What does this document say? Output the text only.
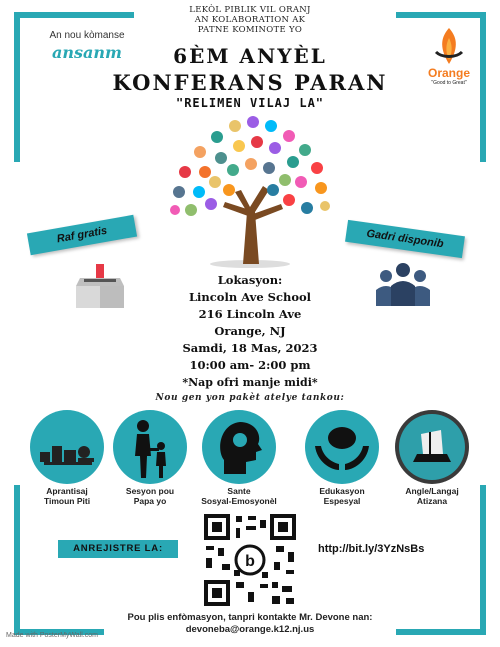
An nou kòmanse
ansanm
LEKÒL PIBLIK VIL ORANJ
AN KOLABORATION AK
PATNE KOMINOTE YO
Orange
"Good to Great"
6ÈM ANYÈL
KONFERANS PARAN
"RELIMEN VILAJ LA"
Raf gratis	Gadri disponib
Lokasyon:
Lincoln Ave School
216 Lincoln Ave
Orange, NJ
Samdi, 18 Mas, 2023
10:00 am- 2:00 pm
*Nap ofri manje midi*
Nou gen yon pakèt atelye tankou:
Aprantisaj
Timoun Piti
Sesyon pou
Papa yo
Sante
Sosyal-Emosyonèl
Edukasyon
Espesyal
Angle/Langaj
Atizana
ANREJISTRE LA:
b
http://bit.ly/3YzNsBs
Pou plis enfòmasyon, tanpri kontakte Mr. Devone nan:
devoneba@orange.k12.nj.us
Made with PosterMyWall.com
